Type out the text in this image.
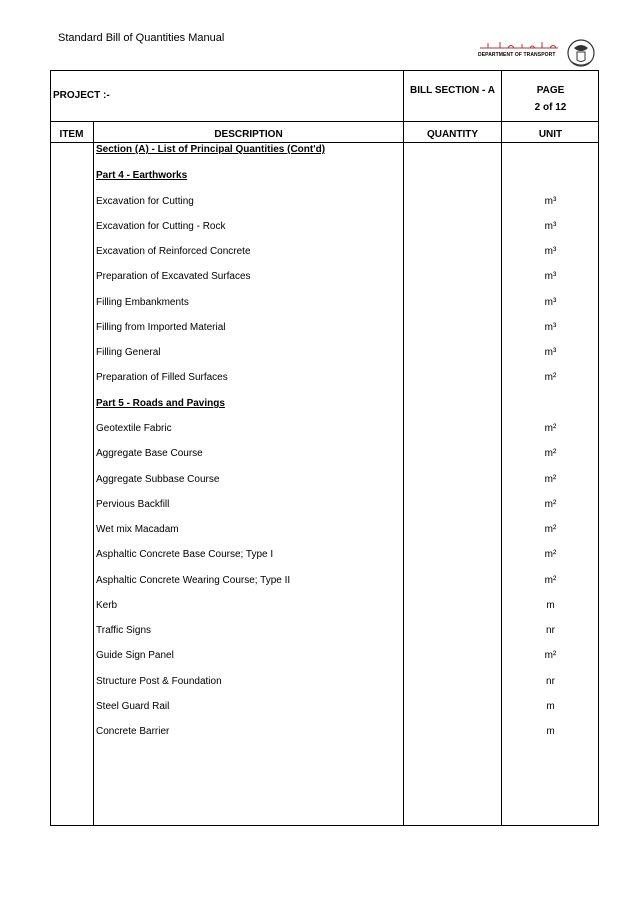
Standard Bill of Quantities Manual
DEPARTMENT OF TRANSPORT
PROJECT :-	BILL SECTION - A	PAGE
2 of 12
ITEM	DESCRIPTION	QUANTITY	UNIT
Section (A) - List of Principal Quantities (Cont'd)
Part 4 - Earthworks
Excavation for Cutting	m³
Excavation for Cutting - Rock	m³
Excavation of Reinforced Concrete	m³
Preparation of Excavated Surfaces	m³
Filling Embankments	m³
Filling from Imported Material	m³
Filling General	m³
Preparation of Filled Surfaces	m²
Part 5 - Roads and Pavings
Geotextile Fabric	m²
Aggregate Base Course	m²
Aggregate Subbase Course	m²
Pervious Backfill	m²
Wet mix Macadam	m²
Asphaltic Concrete Base Course; Type I	m²
Asphaltic Concrete Wearing Course; Type II	m²
Kerb	m
Traffic Signs	nr
Guide Sign Panel	m²
Structure Post & Foundation	nr
Steel Guard Rail	m
Concrete Barrier	m
